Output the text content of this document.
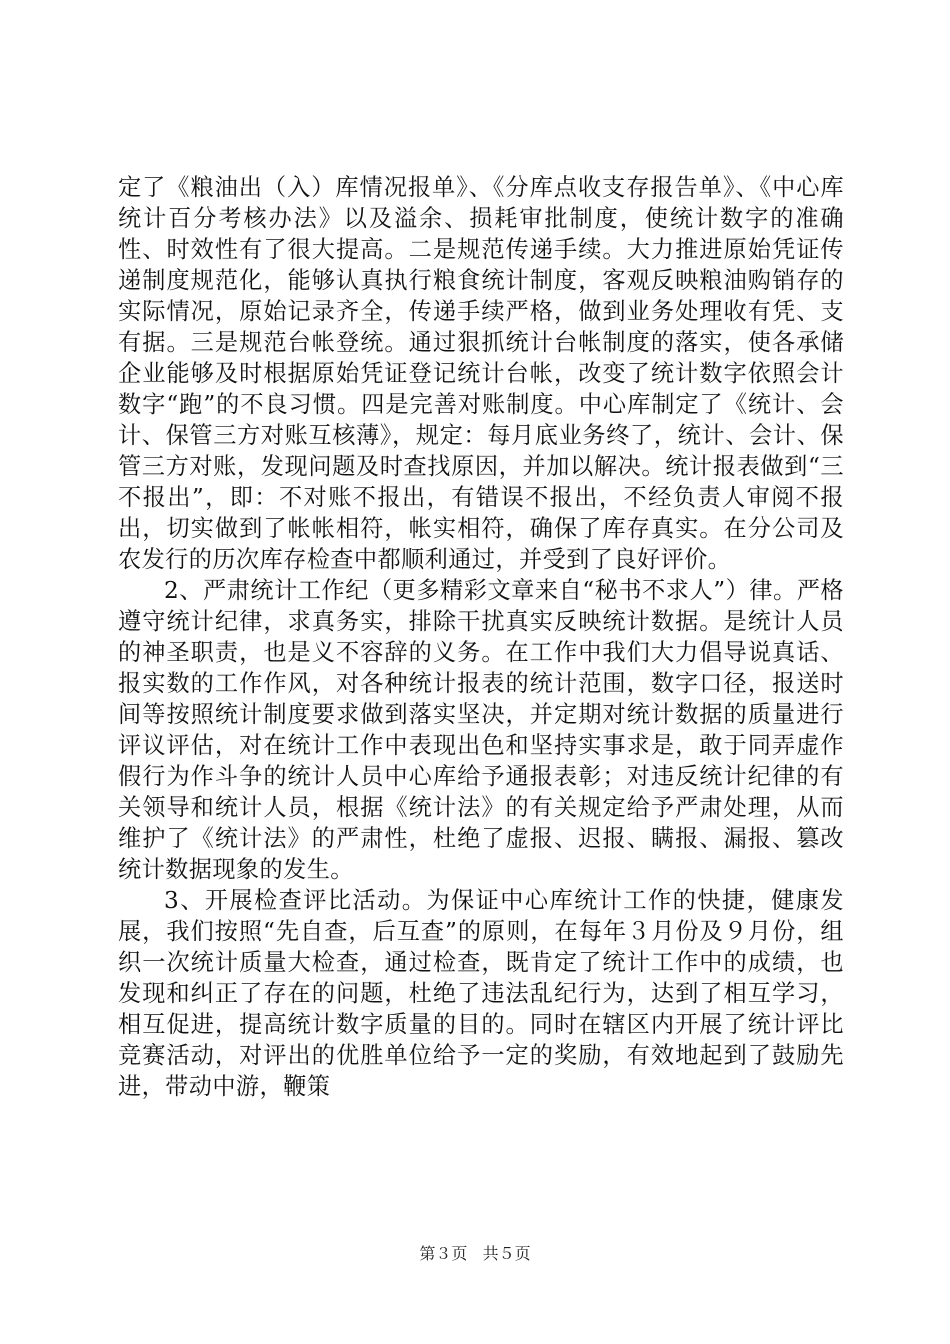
定了《粮油出（入）库情况报单》、《分库点收支存报告单》、《中心库统计百分考核办法》以及溢余、损耗审批制度，使统计数字的准确性、时效性有了很大提高。二是规范传递手续。大力推进原始凭证传递制度规范化，能够认真执行粮食统计制度，客观反映粮油购销存的实际情况，原始记录齐全，传递手续严格，做到业务处理收有凭、支有据。三是规范台帐登统。通过狠抓统计台帐制度的落实，使各承储企业能够及时根据原始凭证登记统计台帐，改变了统计数字依照会计数字“跑”的不良习惯。四是完善对账制度。中心库制定了《统计、会计、保管三方对账互核薄》，规定：每月底业务终了，统计、会计、保管三方对账，发现问题及时查找原因，并加以解决。统计报表做到“三不报出”，即：不对账不报出，有错误不报出，不经负责人审阅不报出，切实做到了帐帐相符，帐实相符，确保了库存真实。在分公司及农发行的历次库存检查中都顺利通过，并受到了良好评价。

2、严肃统计工作纪（更多精彩文章来自“秘书不求人”）律。严格遵守统计纪律，求真务实，排除干扰真实反映统计数据。是统计人员的神圣职责，也是义不容辞的义务。在工作中我们大力倡导说真话、报实数的工作作风，对各种统计报表的统计范围，数字口径，报送时间等按照统计制度要求做到落实坚决，并定期对统计数据的质量进行评议评估，对在统计工作中表现出色和坚持实事求是，敢于同弄虚作假行为作斗争的统计人员中心库给予通报表彰；对违反统计纪律的有关领导和统计人员，根据《统计法》的有关规定给予严肃处理，从而维护了《统计法》的严肃性，杜绝了虚报、迟报、瞒报、漏报、篡改统计数据现象的发生。

3、开展检查评比活动。为保证中心库统计工作的快捷，健康发展，我们按照“先自查，后互查”的原则，在每年３月份及９月份，组织一次统计质量大检查，通过检查，既肯定了统计工作中的成绩，也发现和纠正了存在的问题，杜绝了违法乱纪行为，达到了相互学习，相互促进，提高统计数字质量的目的。同时在辖区内开展了统计评比竞赛活动，对评出的优胜单位给予一定的奖励，有效地起到了鼓励先进，带动中游，鞭策

第３页 共５页
